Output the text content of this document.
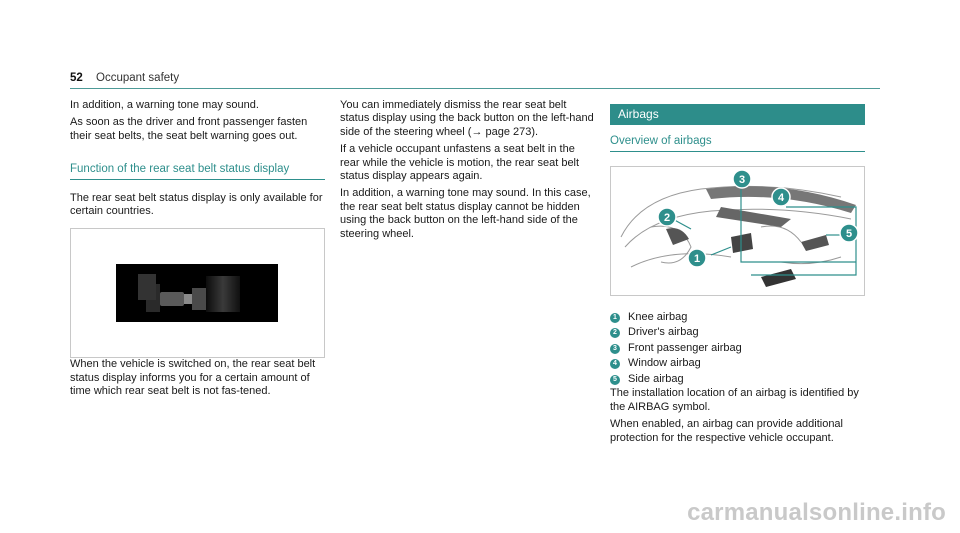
52 Occupant safety

In addition, a warning tone may sound.

As soon as the driver and front passenger fasten their seat belts, the seat belt warning goes out.

Function of the rear seat belt status display

The rear seat belt status display is only available for certain countries.

When the vehicle is switched on, the rear seat belt status display informs you for a certain amount of time which rear seat belt is not fas-tened.

You can immediately dismiss the rear seat belt status display using the back button on the left-hand side of the steering wheel (→ page 273).

If a vehicle occupant unfastens a seat belt in the rear while the vehicle is motion, the rear seat belt status display appears again.

In addition, a warning tone may sound. In this case, the rear seat belt status display cannot be hidden using the back button on the left-hand side of the steering wheel.

Airbags
Overview of airbags
3
4
2
5
1
1 Knee airbag
2 Driver's airbag
3 Front passenger airbag
4 Window airbag
5 Side airbag

The installation location of an airbag is identified by the AIRBAG symbol.

When enabled, an airbag can provide additional protection for the respective vehicle occupant.

carmanualsonline.info
